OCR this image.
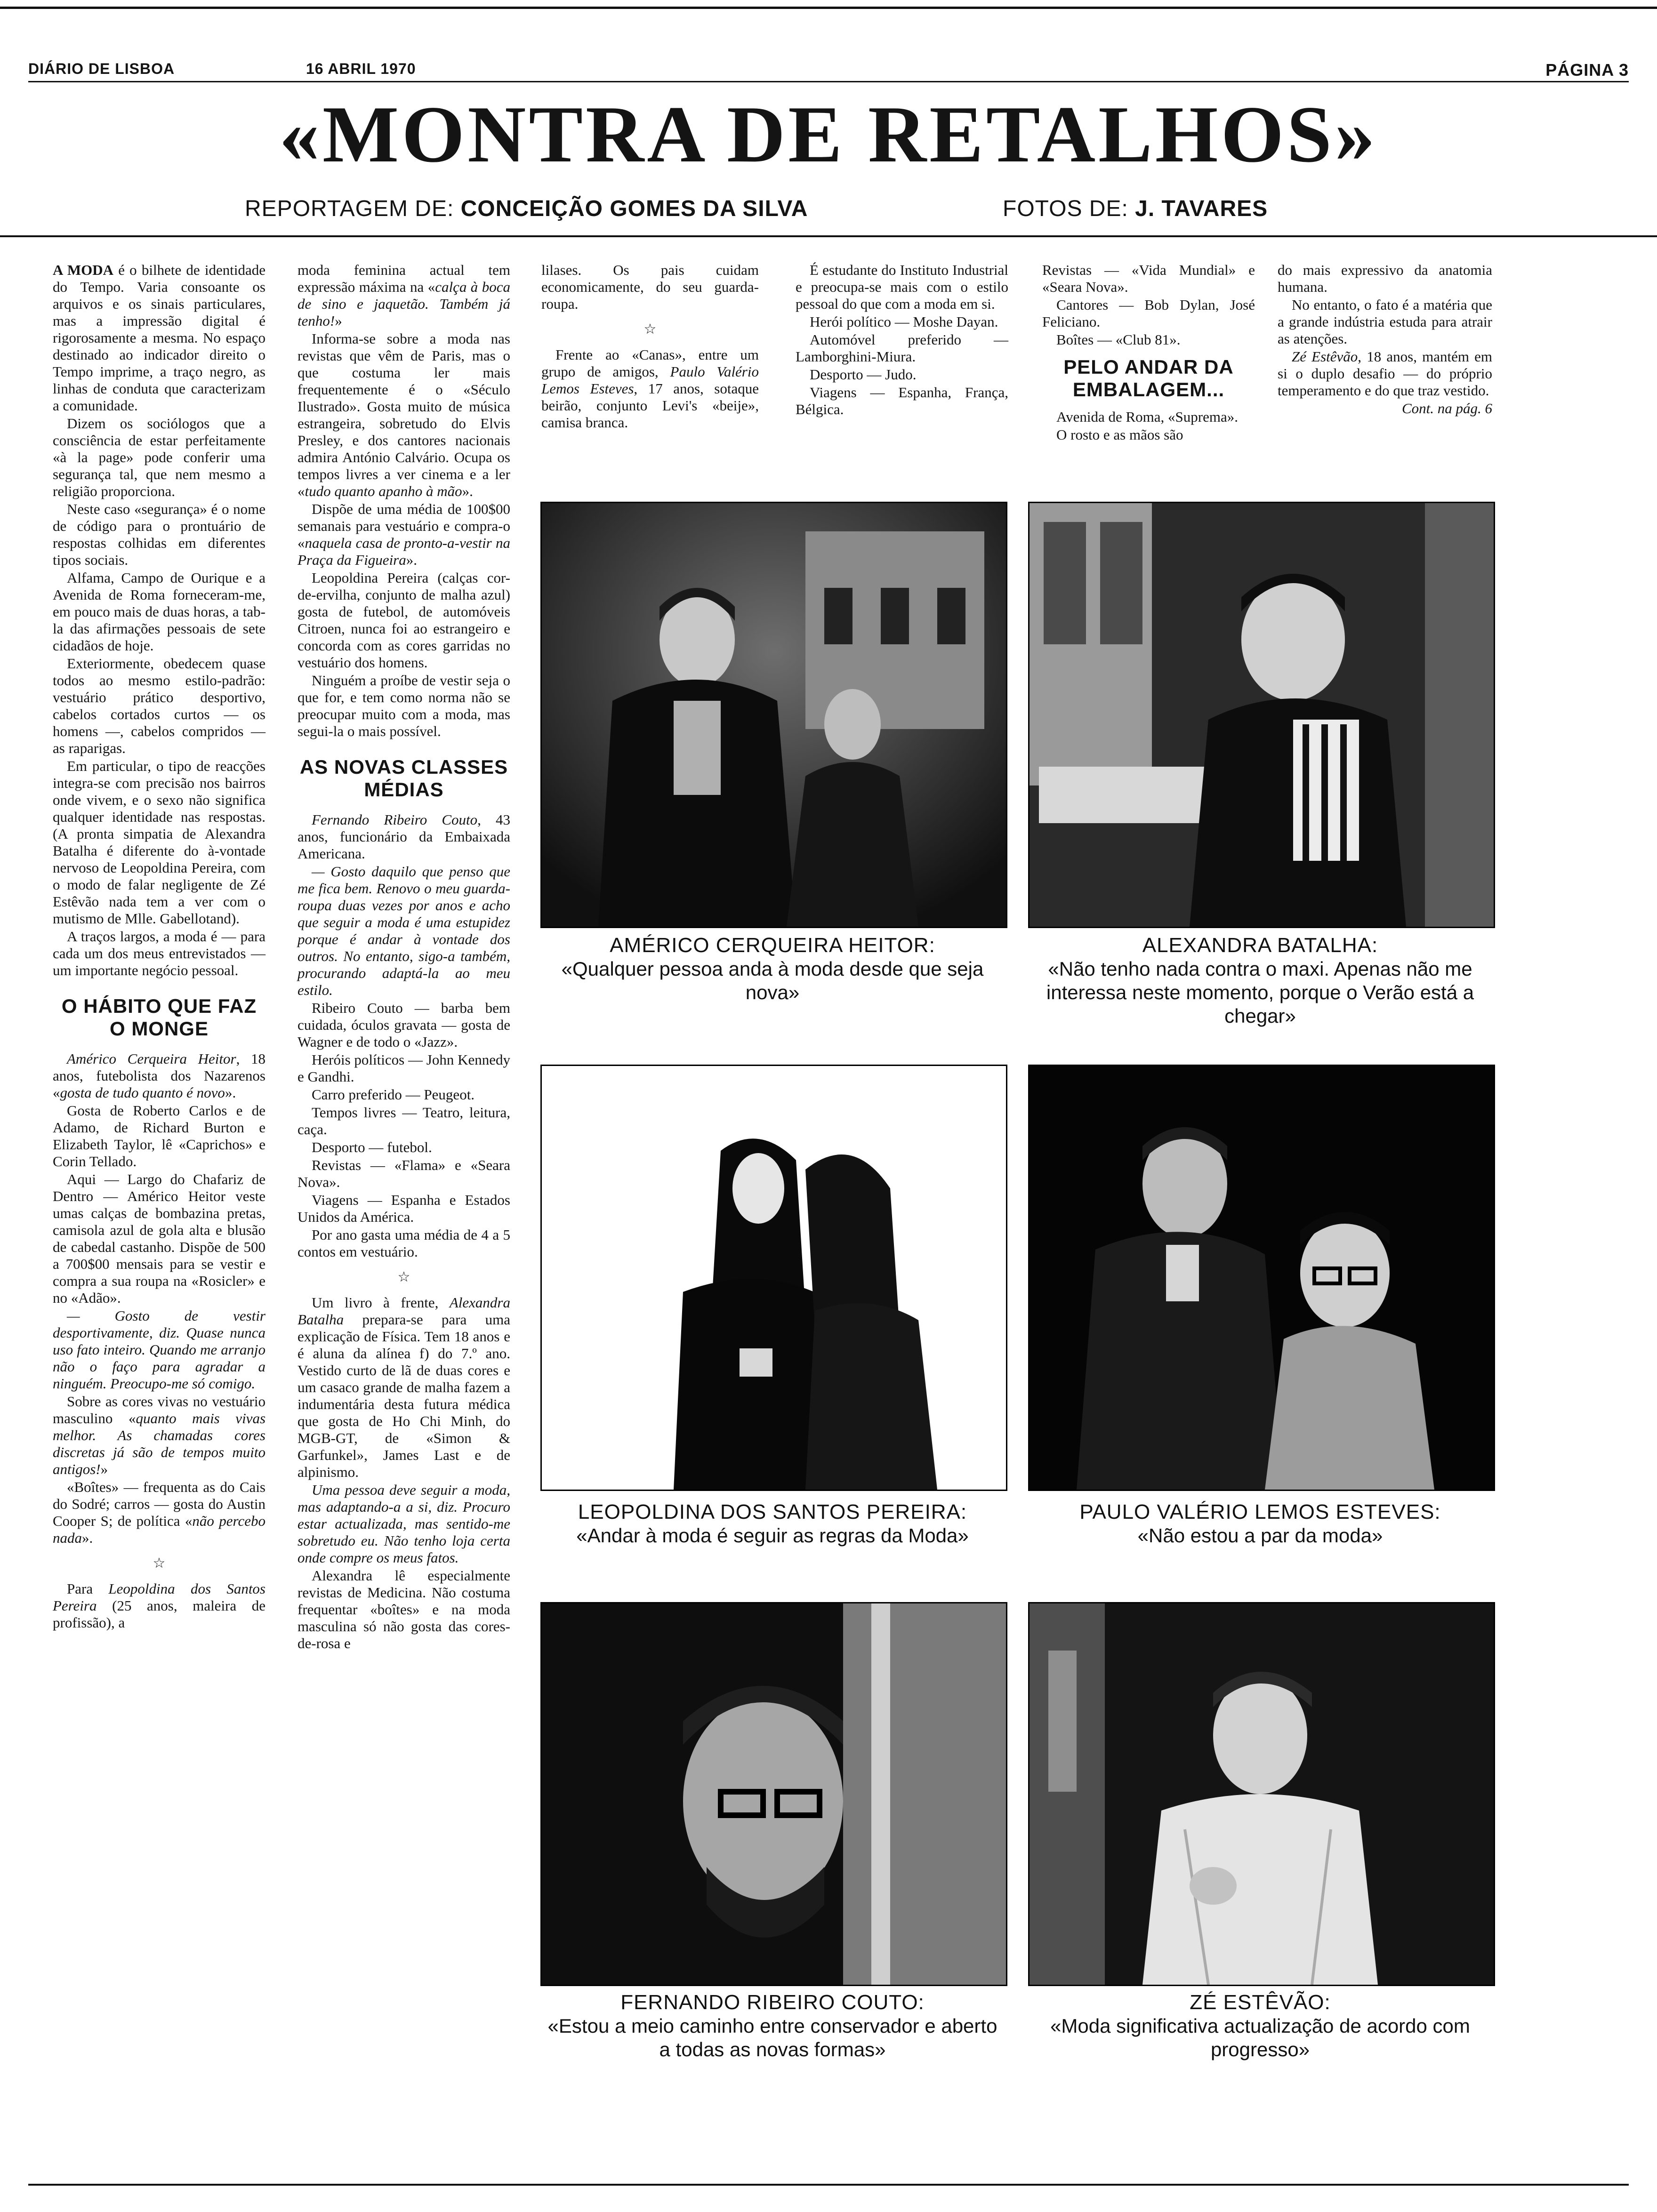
DIÁRIO DE LISBOA	16 ABRIL 1970	PÁGINA 3
«MONTRA DE RETALHOS»
REPORTAGEM DE: CONCEIÇÃO GOMES DA SILVA	FOTOS DE: J. TAVARES

A MODA é o bilhete de identidade do Tempo. Varia consoante os arquivos e os sinais particulares, mas a impressão digital é rigorosamente a mesma. No espaço destinado ao indicador direito o Tempo imprime, a traço negro, as linhas de conduta que caracterizam a comunidade.

Dizem os sociólogos que a consciência de estar perfeitamente «à la page» pode conferir uma segurança tal, que nem mesmo a religião proporciona.

Neste caso «segurança» é o nome de código para o prontuário de respostas colhidas em diferentes tipos sociais.

Alfama, Campo de Ourique e a Avenida de Roma forneceram-me, em pouco mais de duas horas, a tab-la das afirmações pessoais de sete cidadãos de hoje.

Exteriormente, obedecem quase todos ao mesmo estilo-padrão: vestuário prático desportivo, cabelos cortados curtos — os homens —, cabelos compridos — as raparigas.

Em particular, o tipo de reacções integra-se com precisão nos bairros onde vivem, e o sexo não significa qualquer identidade nas respostas. (A pronta simpatia de Alexandra Batalha é diferente do à-vontade nervoso de Leopoldina Pereira, com o modo de falar negligente de Zé Estêvão nada tem a ver com o mutismo de Mlle. Gabellotand).

A traços largos, a moda é — para cada um dos meus entrevistados — um importante negócio pessoal.

O HÁBITO QUE FAZ O MONGE

Américo Cerqueira Heitor, 18 anos, futebolista dos Nazarenos «gosta de tudo quanto é novo».

Gosta de Roberto Carlos e de Adamo, de Richard Burton e Elizabeth Taylor, lê «Caprichos» e Corin Tellado.

Aqui — Largo do Chafariz de Dentro — Américo Heitor veste umas calças de bombazina pretas, camisola azul de gola alta e blusão de cabedal castanho. Dispõe de 500 a 700$00 mensais para se vestir e compra a sua roupa na «Rosicler» e no «Adão».

— Gosto de vestir desportivamente, diz. Quase nunca uso fato inteiro. Quando me arranjo não o faço para agradar a ninguém. Preocupo-me só comigo.

Sobre as cores vivas no vestuário masculino «quanto mais vivas melhor. As chamadas cores discretas já são de tempos muito antigos!»

«Boîtes» — frequenta as do Cais do Sodré; carros — gosta do Austin Cooper S; de política «não percebo nada».

☆

Para Leopoldina dos Santos Pereira (25 anos, maleira de profissão), a

moda feminina actual tem expressão máxima na «calça à boca de sino e jaquetão. Também já tenho!»

Informa-se sobre a moda nas revistas que vêm de Paris, mas o que costuma ler mais frequentemente é o «Século Ilustrado». Gosta muito de música estrangeira, sobretudo do Elvis Presley, e dos cantores nacionais admira António Calvário. Ocupa os tempos livres a ver cinema e a ler «tudo quanto apanho à mão».

Dispõe de uma média de 100$00 semanais para vestuário e compra-o «naquela casa de pronto-a-vestir na Praça da Figueira».

Leopoldina Pereira (calças cor-de-ervilha, conjunto de malha azul) gosta de futebol, de automóveis Citroen, nunca foi ao estrangeiro e concorda com as cores garridas no vestuário dos homens.

Ninguém a proíbe de vestir seja o que for, e tem como norma não se preocupar muito com a moda, mas segui-la o mais possível.

AS NOVAS CLASSES MÉDIAS

Fernando Ribeiro Couto, 43 anos, funcionário da Embaixada Americana.

— Gosto daquilo que penso que me fica bem. Renovo o meu guarda-roupa duas vezes por anos e acho que seguir a moda é uma estupidez porque é andar à vontade dos outros. No entanto, sigo-a também, procurando adaptá-la ao meu estilo.

Ribeiro Couto — barba bem cuidada, óculos gravata — gosta de Wagner e de todo o «Jazz».

Heróis políticos — John Kennedy e Gandhi.

Carro preferido — Peugeot.

Tempos livres — Teatro, leitura, caça.

Desporto — futebol.

Revistas — «Flama» e «Seara Nova».

Viagens — Espanha e Estados Unidos da América.

Por ano gasta uma média de 4 a 5 contos em vestuário.

☆

Um livro à frente, Alexandra Batalha prepara-se para uma explicação de Física. Tem 18 anos e é aluna da alínea f) do 7.º ano. Vestido curto de lã de duas cores e um casaco grande de malha fazem a indumentária desta futura médica que gosta de Ho Chi Minh, do MGB-GT, de «Simon & Garfunkel», James Last e de alpinismo.

Uma pessoa deve seguir a moda, mas adaptando-a a si, diz. Procuro estar actualizada, mas sentido-me sobretudo eu. Não tenho loja certa onde compre os meus fatos.

Alexandra lê especialmente revistas de Medicina. Não costuma frequentar «boîtes» e na moda masculina só não gosta das cores-de-rosa e

lilases. Os pais cuidam economicamente, do seu guarda-roupa.

☆

Frente ao «Canas», entre um grupo de amigos, Paulo Valério Lemos Esteves, 17 anos, sotaque beirão, conjunto Levi's «beije», camisa branca.

É estudante do Instituto Industrial e preocupa-se mais com o estilo pessoal do que com a moda em si.

Herói político — Moshe Dayan.

Automóvel preferido — Lamborghini-Miura.

Desporto — Judo.

Viagens — Espanha, França, Bélgica.

Revistas — «Vida Mundial» e «Seara Nova».

Cantores — Bob Dylan, José Feliciano.

Boîtes — «Club 81».

PELO ANDAR DA EMBALAGEM...

Avenida de Roma, «Suprema».

O rosto e as mãos são

do mais expressivo da anatomia humana.

No entanto, o fato é a matéria que a grande indústria estuda para atrair as atenções.

Zé Estêvão, 18 anos, mantém em si o duplo desafio — do próprio temperamento e do que traz vestido.

Cont. na pág. 6

AMÉRICO CERQUEIRA HEITOR:
«Qualquer pessoa anda à moda desde que seja nova»
ALEXANDRA BATALHA:
«Não tenho nada contra o maxi. Apenas não me interessa neste momento, porque o Verão está a chegar»
LEOPOLDINA DOS SANTOS PEREIRA:
«Andar à moda é seguir as regras da Moda»
PAULO VALÉRIO LEMOS ESTEVES:
«Não estou a par da moda»
FERNANDO RIBEIRO COUTO:
«Estou a meio caminho entre conservador e aberto a todas as novas formas»
ZÉ ESTÊVÃO:
«Moda significativa actualização de acordo com progresso»
